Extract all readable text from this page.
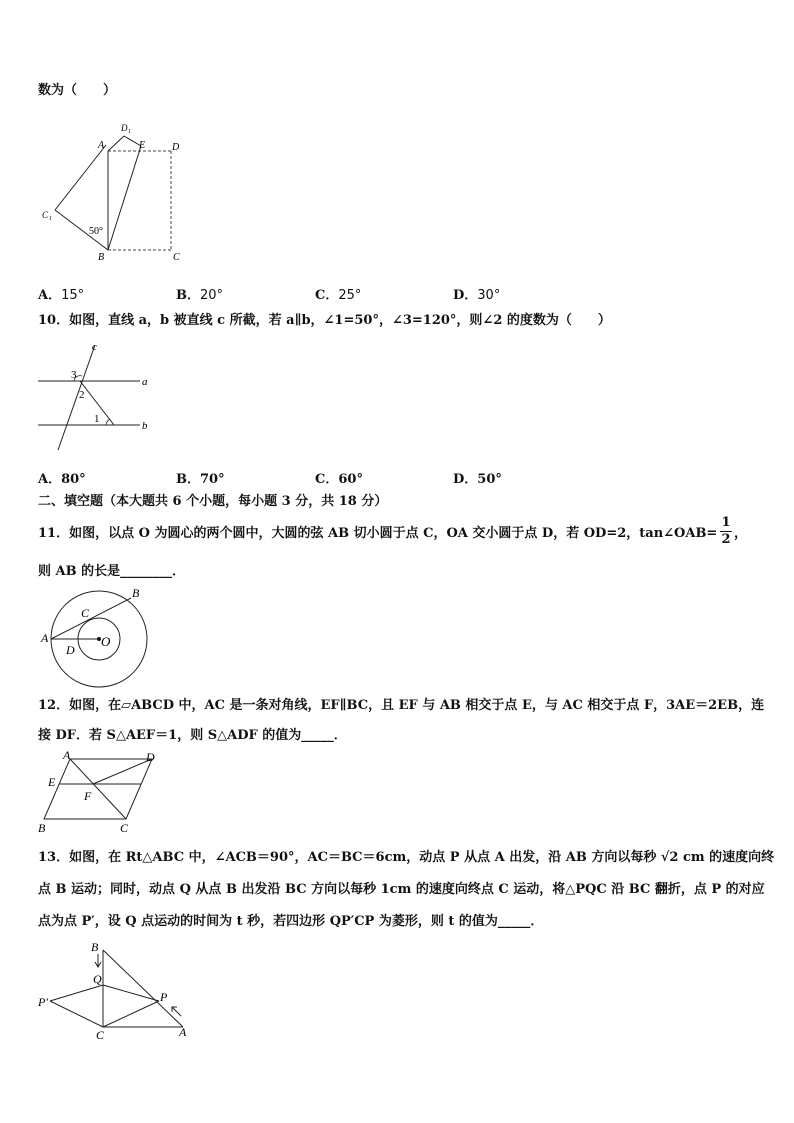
数为（　　）
A
D 1
E	D
C 1
50°
B	C
A．15°	B．20°	C．25°	D．30°
10．如图，直线 a，b 被直线 c 所截，若 a∥b，∠1=50°，∠3=120°，则∠2 的度数为（　　）
c
a
b
3
2
1
A．80°	B．70°	C．60°	D．50°
二、填空题（本大题共 6 个小题，每小题 3 分，共 18 分）
11．如图，以点 O 为圆心的两个圆中，大圆的弦 AB 切小圆于点 C，OA 交小圆于点 D，若 OD=2，tan∠OAB=
1
2 ，
则 AB 的长是________．
A
B
C
D
O
12．如图，在▱ABCD 中，AC 是一条对角线，EF∥BC，且 EF 与 AB 相交于点 E，与 AC 相交于点 F，3AE＝2EB，连
接 DF．若 S△AEF＝1，则 S△ADF 的值为_____．
A	D
E
F
B	C
13．如图，在 Rt△ABC 中，∠ACB＝90°，AC＝BC＝6cm，动点 P 从点 A 出发，沿 AB 方向以每秒 √2 cm 的速度向终
点 B 运动；同时，动点 Q 从点 B 出发沿 BC 方向以每秒 1cm 的速度向终点 C 运动，将△PQC 沿 BC 翻折，点 P 的对应
点为点 P′，设 Q 点运动的时间为 t 秒，若四边形 QP′CP 为菱形，则 t 的值为_____．
B
Q
P′	P
C	A
